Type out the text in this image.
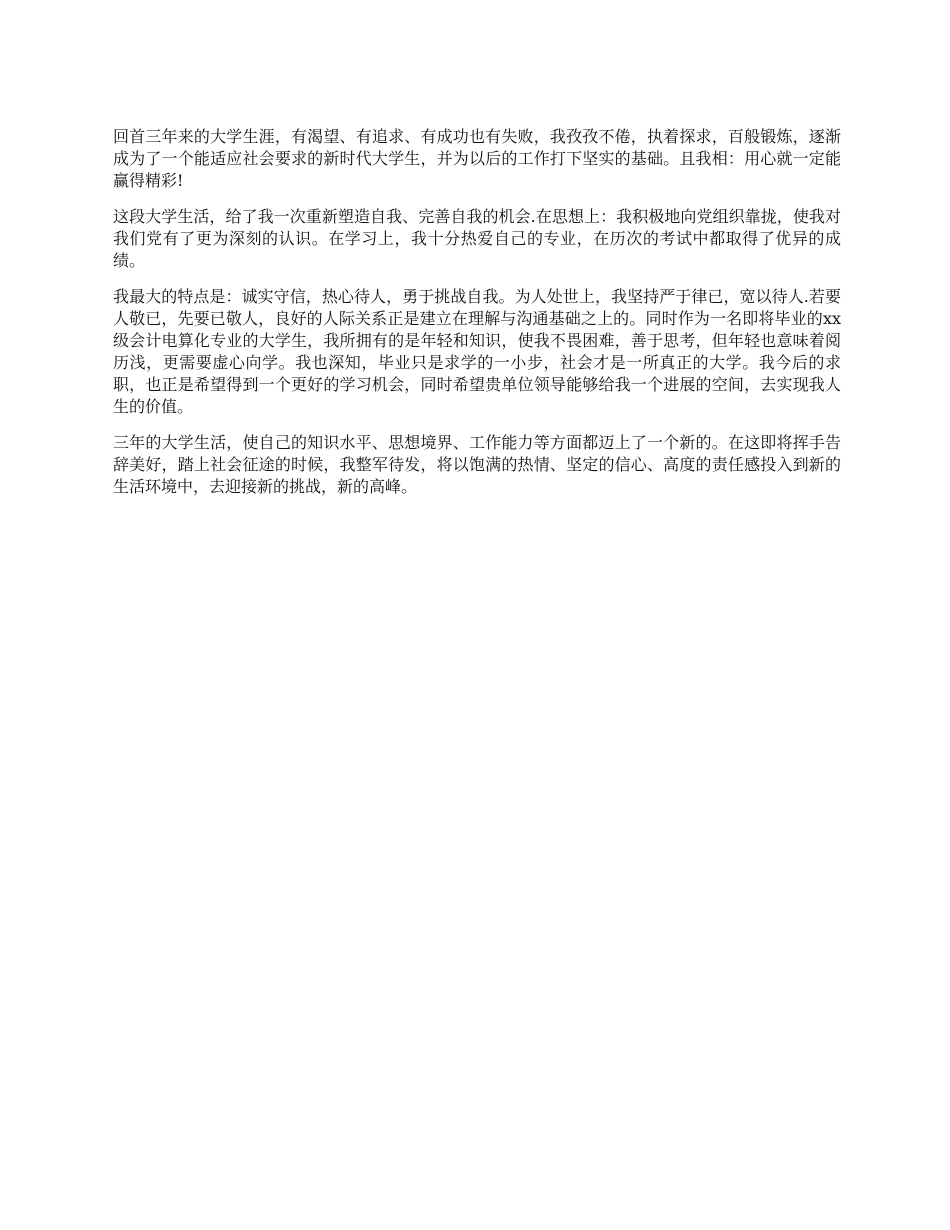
回首三年来的大学生涯，有渴望、有追求、有成功也有失败，我孜孜不倦，执着探求，百般锻炼，逐渐成为了一个能适应社会要求的新时代大学生，并为以后的工作打下坚实的基础。且我相：用心就一定能赢得精彩!

这段大学生活，给了我一次重新塑造自我、完善自我的机会.在思想上：我积极地向党组织靠拢，使我对我们党有了更为深刻的认识。在学习上，我十分热爱自己的专业，在历次的考试中都取得了优异的成绩。

我最大的特点是：诚实守信，热心待人，勇于挑战自我。为人处世上，我坚持严于律已，宽以待人.若要人敬已，先要已敬人，良好的人际关系正是建立在理解与沟通基础之上的。同时作为一名即将毕业的xx级会计电算化专业的大学生，我所拥有的是年轻和知识，使我不畏困难，善于思考，但年轻也意味着阅历浅，更需要虚心向学。我也深知，毕业只是求学的一小步，社会才是一所真正的大学。我今后的求职，也正是希望得到一个更好的学习机会，同时希望贵单位领导能够给我一个进展的空间，去实现我人生的价值。

三年的大学生活，使自己的知识水平、思想境界、工作能力等方面都迈上了一个新的。在这即将挥手告辞美好，踏上社会征途的时候，我整军待发，将以饱满的热情、坚定的信心、高度的责任感投入到新的生活环境中，去迎接新的挑战，新的高峰。
